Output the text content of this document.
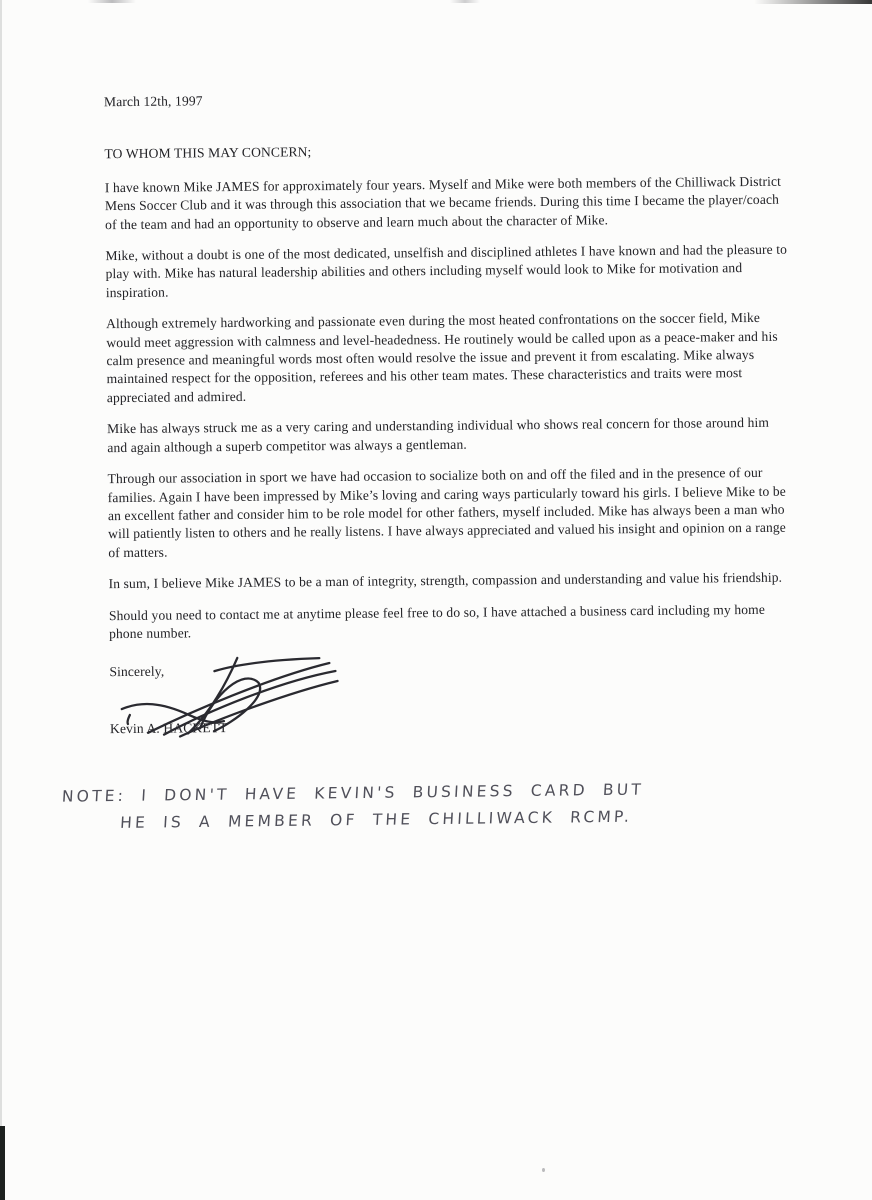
March 12th, 1997

TO WHOM THIS MAY CONCERN;

I have known Mike JAMES for approximately four years. Myself and Mike were both members of the Chilliwack District Mens Soccer Club and it was through this association that we became friends. During this time I became the player/coach of the team and had an opportunity to observe and learn much about the character of Mike.

Mike, without a doubt is one of the most dedicated, unselfish and disciplined athletes I have known and had the pleasure to play with. Mike has natural leadership abilities and others including myself would look to Mike for motivation and inspiration.

Although extremely hardworking and passionate even during the most heated confrontations on the soccer field, Mike would meet aggression with calmness and level-headedness. He routinely would be called upon as a peace-maker and his calm presence and meaningful words most often would resolve the issue and prevent it from escalating. Mike always maintained respect for the opposition, referees and his other team mates. These characteristics and traits were most appreciated and admired.

Mike has always struck me as a very caring and understanding individual who shows real concern for those around him and again although a superb competitor was always a gentleman.

Through our association in sport we have had occasion to socialize both on and off the filed and in the presence of our families. Again I have been impressed by Mike’s loving and caring ways particularly toward his girls. I believe Mike to be an excellent father and consider him to be role model for other fathers, myself included. Mike has always been a man who will patiently listen to others and he really listens. I have always appreciated and valued his insight and opinion on a range of matters.

In sum, I believe Mike JAMES to be a man of integrity, strength, compassion and understanding and value his friendship.

Should you need to contact me at anytime please feel free to do so, I have attached a business card including my home phone number.

Sincerely,
Kevin A. HACKETT
NOTE: I DON'T HAVE KEVIN'S BUSINESS CARD BUT
HE IS A MEMBER OF THE CHILLIWACK RCMP.
